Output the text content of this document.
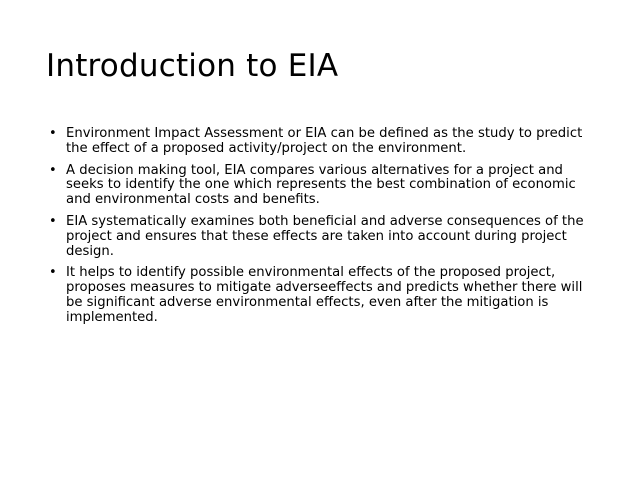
Introduction to EIA
• Environment Impact Assessment or EIA can be defined as the study to predict the effect of a proposed activity/project on the environment.
• A decision making tool, EIA compares various alternatives for a project and seeks to identify the one which represents the best combination of economic and environmental costs and benefits.
• EIA systematically examines both beneficial and adverse consequences of the project and ensures that these effects are taken into account during project design.
• It helps to identify possible environmental effects of the proposed project, proposes measures to mitigate adverseeffects and predicts whether there will be significant adverse environmental effects, even after the mitigation is implemented.
